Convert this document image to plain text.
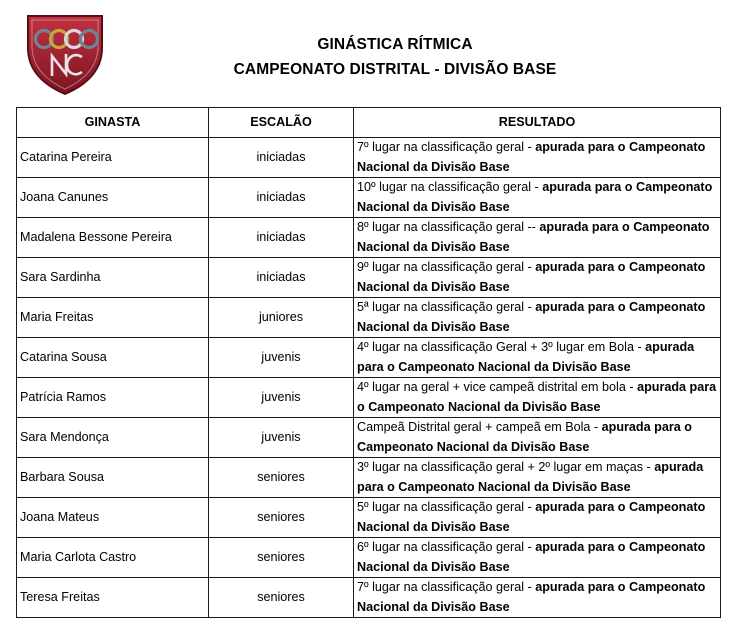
GINÁSTICA RÍTMICA
CAMPEONATO DISTRITAL - DIVISÃO BASE
GINASTA	ESCALÃO	RESULTADO
Catarina Pereira	iniciadas	7º lugar na classificação geral - apurada para o Campeonato Nacional da Divisão Base
Joana Canunes	iniciadas	10º lugar na classificação geral - apurada para o Campeonato Nacional da Divisão Base
Madalena Bessone Pereira	iniciadas	8º lugar na classificação geral -- apurada para o Campeonato Nacional da Divisão Base
Sara Sardinha	iniciadas	9º lugar na classificação geral - apurada para o Campeonato Nacional da Divisão Base
Maria Freitas	juniores	5ª lugar na classificação geral - apurada para o Campeonato Nacional da Divisão Base
Catarina Sousa	juvenis	4º lugar na classificação Geral + 3º lugar em Bola - apurada para o Campeonato Nacional da Divisão Base
Patrícia Ramos	juvenis	4º lugar na geral + vice campeã distrital em bola - apurada para o Campeonato Nacional da Divisão Base
Sara Mendonça	juvenis	Campeã Distrital geral + campeã em Bola - apurada para o Campeonato Nacional da Divisão Base
Barbara Sousa	seniores	3º lugar na classificação geral + 2º lugar em maças - apurada para o Campeonato Nacional da Divisão Base
Joana Mateus	seniores	5º lugar na classificação geral - apurada para o Campeonato Nacional da Divisão Base
Maria Carlota Castro	seniores	6º lugar na classificação geral - apurada para o Campeonato Nacional da Divisão Base
Teresa Freitas	seniores	7º lugar na classificação geral - apurada para o Campeonato Nacional da Divisão Base
